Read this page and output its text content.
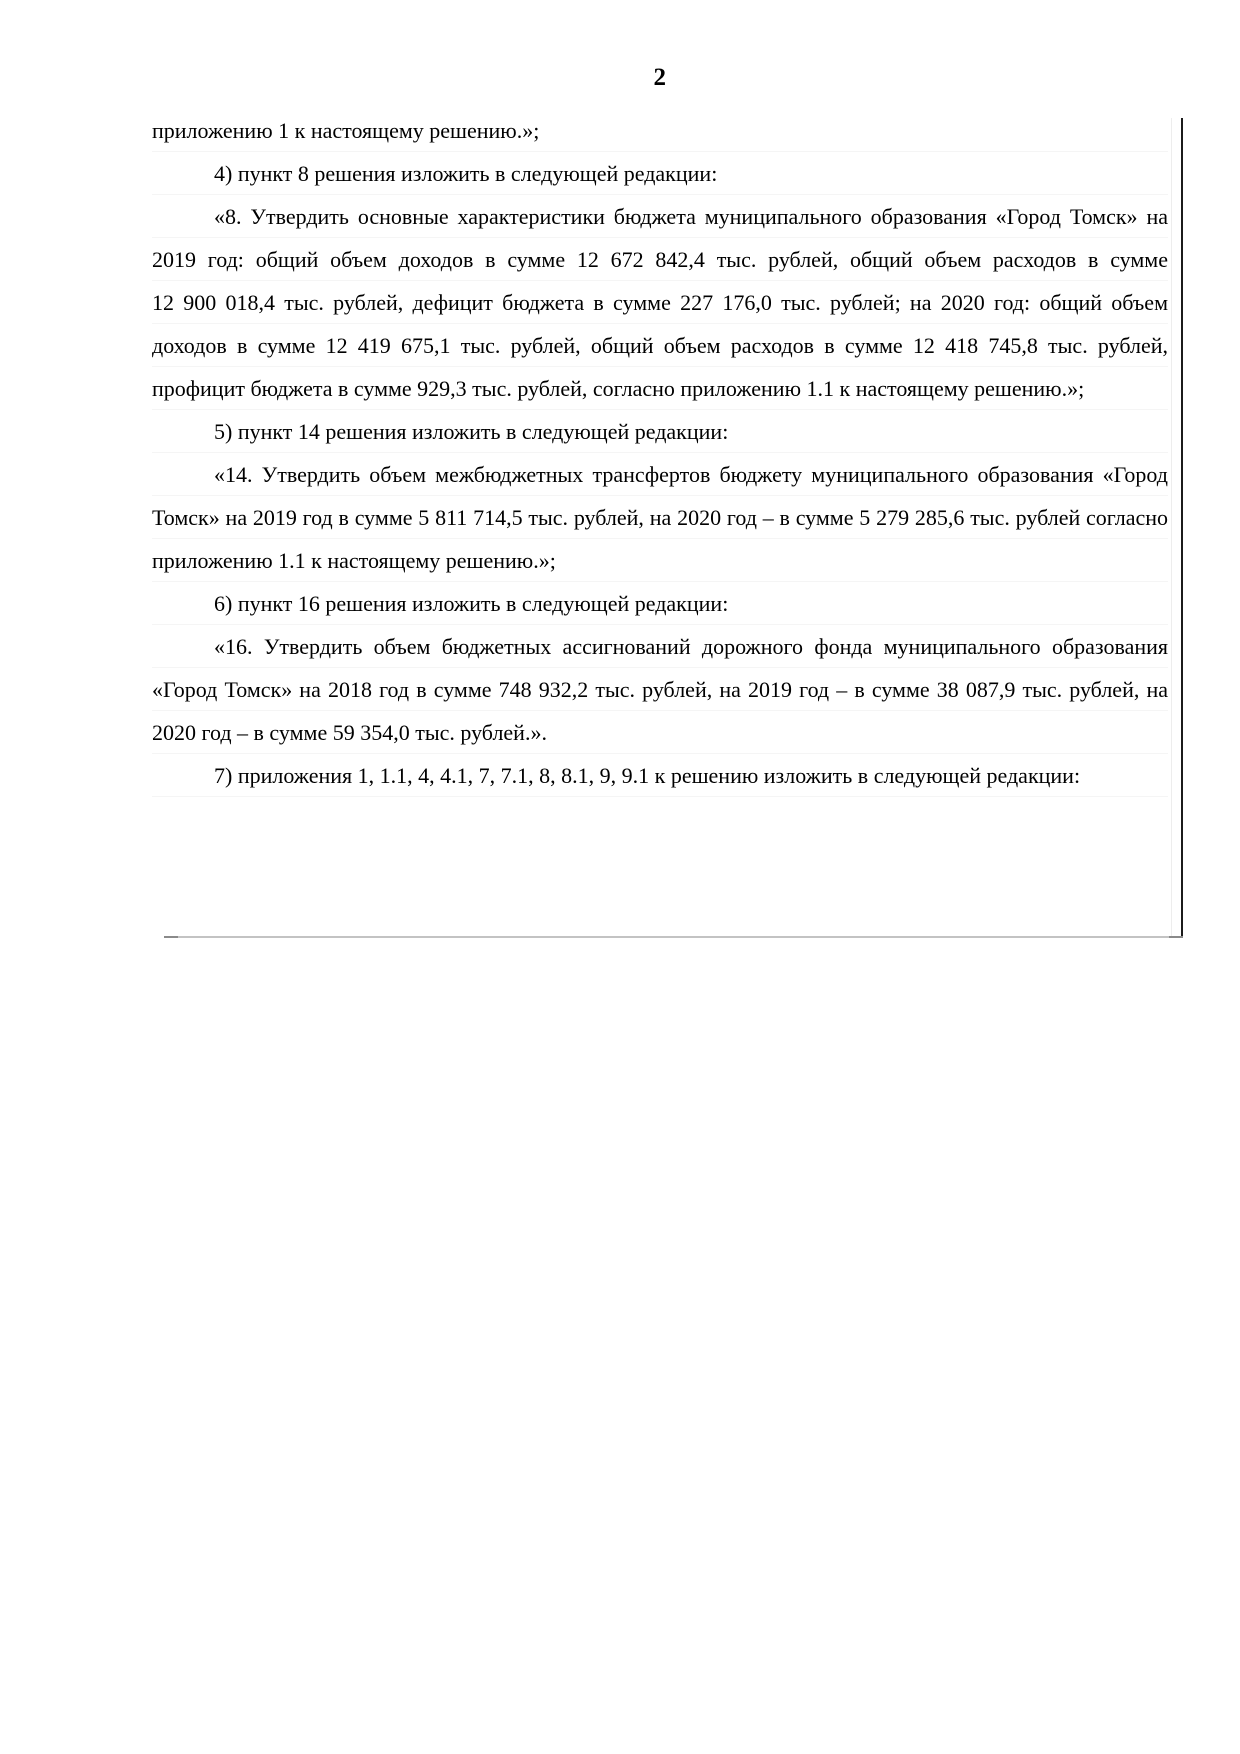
2

приложению 1 к настоящему решению.»;

4) пункт 8 решения изложить в следующей редакции:

«8. Утвердить основные характеристики бюджета муниципального образования «Город Томск» на 2019 год: общий объем доходов в сумме 12 672 842,4 тыс. рублей, общий объем расходов в сумме 12 900 018,4 тыс. рублей, дефицит бюджета в сумме 227 176,0 тыс. рублей; на 2020 год: общий объем доходов в сумме 12 419 675,1 тыс. рублей, общий объем расходов в сумме 12 418 745,8 тыс. рублей, профицит бюджета в сумме 929,3 тыс. рублей, согласно приложению 1.1 к настоящему решению.»;

5) пункт 14 решения изложить в следующей редакции:

«14. Утвердить объем межбюджетных трансфертов бюджету муниципального образования «Город Томск» на 2019 год в сумме 5 811 714,5 тыс. рублей, на 2020 год – в сумме 5 279 285,6 тыс. рублей согласно приложению 1.1 к настоящему решению.»;

6) пункт 16 решения изложить в следующей редакции:

«16. Утвердить объем бюджетных ассигнований дорожного фонда муниципального образования «Город Томск» на 2018 год в сумме 748 932,2 тыс. рублей, на 2019 год – в сумме 38 087,9 тыс. рублей, на 2020 год – в сумме 59 354,0 тыс. рублей.».

7) приложения 1, 1.1, 4, 4.1, 7, 7.1, 8, 8.1, 9, 9.1 к решению изложить в следующей редакции:
